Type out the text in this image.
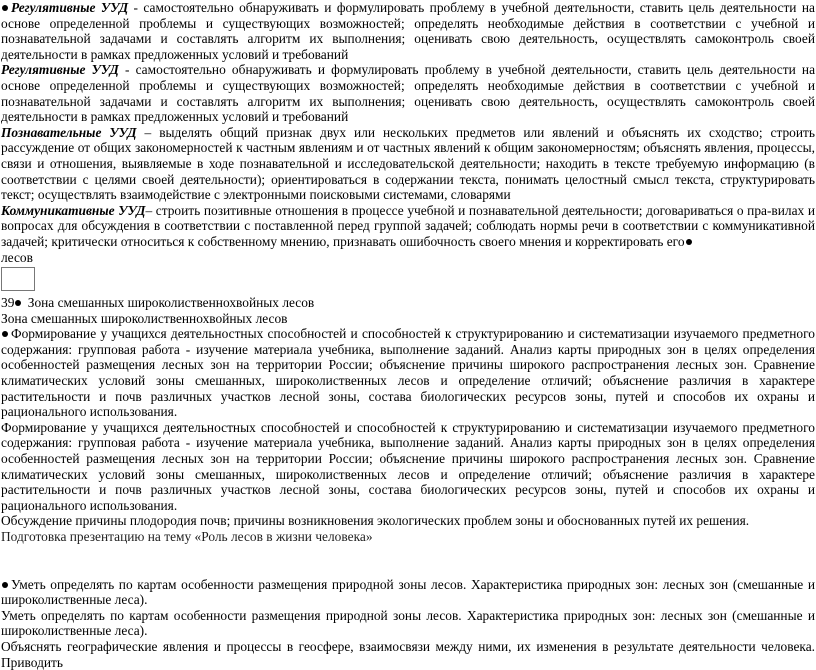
Регулятивные УУД - самостоятельно обнаруживать и формулировать проблему в учебной деятельности, ставить цель деятельности на основе определенной проблемы и существующих возможностей; определять необходимые действия в соответствии с учебной и познавательной задачами и составлять алгоритм их выполнения; оценивать свою деятельность, осуществлять самоконтроль своей деятельности в рамках предложенных условий и требований

Регулятивные УУД - самостоятельно обнаруживать и формулировать проблему в учебной деятельности, ставить цель деятельности на основе определенной проблемы и существующих возможностей; определять необходимые действия в соответствии с учебной и познавательной задачами и составлять алгоритм их выполнения; оценивать свою деятельность, осуществлять самоконтроль своей деятельности в рамках предложенных условий и требований

Познавательные УУД – выделять общий признак двух или нескольких предметов или явлений и объяснять их сходство; строить рассуждение от общих закономерностей к частным явлениям и от частных явлений к общим закономерностям; объяснять явления, процессы, связи и отношения, выявляемые в ходе познавательной и исследовательской деятельности; находить в тексте требуемую информацию (в соответствии с целями своей деятельности); ориентироваться в содержании текста, понимать целостный смысл текста, структурировать текст; осуществлять взаимодействие с электронными поисковыми системами, словарями

Коммуникативные УУД– строить позитивные отношения в процессе учебной и познавательной деятельности; договариваться о пра-вилах и вопросах для обсуждения в соответствии с поставленной перед группой задачей; соблюдать нормы речи в соответствии с коммуникативной задачей; критически относиться к собственному мнению, признавать ошибочность своего мнения и корректировать его

лесов

39 Зона смешанных широколиственнохвойных лесов

Зона смешанных широколиственнохвойных лесов

Формирование у учащихся деятельностных способностей и способностей к структурированию и систематизации изучаемого предметного содержания: групповая работа - изучение материала учебника, выполнение заданий. Анализ карты природных зон в целях определения особенностей размещения лесных зон на территории России; объяснение причины широкого распространения лесных зон. Сравнение климатических условий зоны смешанных, широколиственных лесов и определение отличий; объяснение различия в характере растительности и почв различных участков лесной зоны, состава биологических ресурсов зоны, путей и способов их охраны и рационального использования.

Формирование у учащихся деятельностных способностей и способностей к структурированию и систематизации изучаемого предметного содержания: групповая работа - изучение материала учебника, выполнение заданий. Анализ карты природных зон в целях определения особенностей размещения лесных зон на территории России; объяснение причины широкого распространения лесных зон. Сравнение климатических условий зоны смешанных, широколиственных лесов и определение отличий; объяснение различия в характере растительности и почв различных участков лесной зоны, состава биологических ресурсов зоны, путей и способов их охраны и рационального использования.

Обсуждение причины плодородия почв; причины возникновения экологических проблем зоны и обоснованных путей их решения.

Подготовка презентацию на тему «Роль лесов в жизни человека»

Уметь определять по картам особенности размещения природной зоны лесов. Характеристика природных зон: лесных зон (смешанные и широколиственные леса).

Уметь определять по картам особенности размещения природной зоны лесов. Характеристика природных зон: лесных зон (смешанные и широколиственные леса).

Объяснять географические явления и процессы в геосфере, взаимосвязи между ними, их изменения в результате деятельности человека. Приводить
